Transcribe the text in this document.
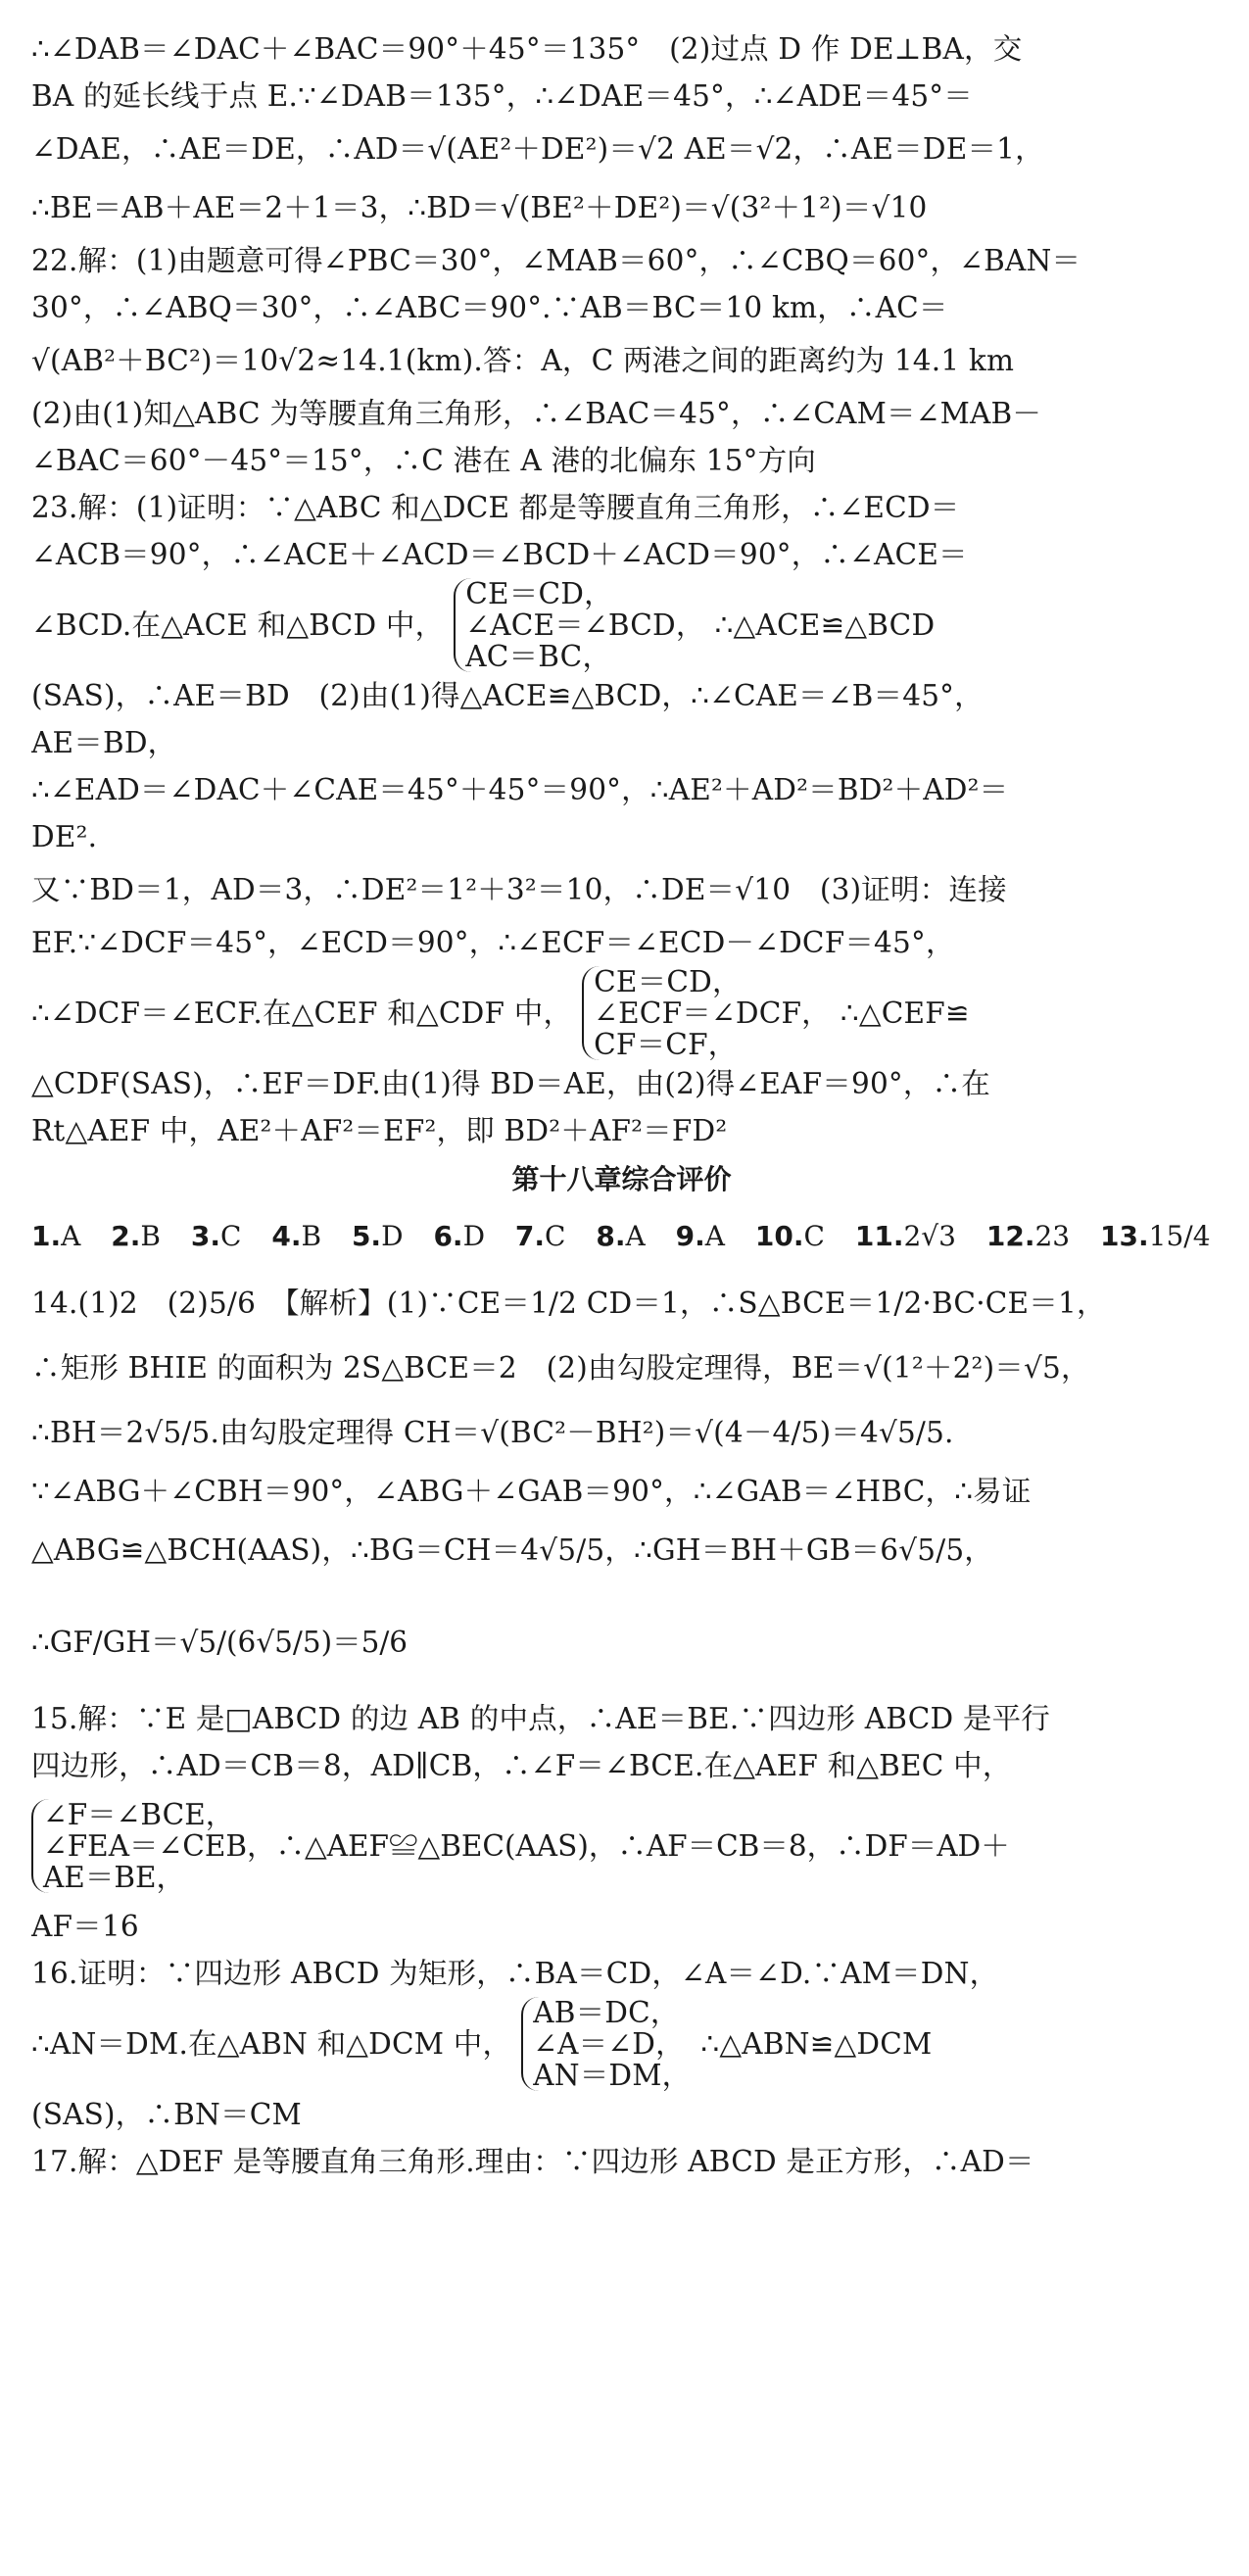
∴∠DAB＝∠DAC＋∠BAC＝90°＋45°＝135°　(2)过点 D 作 DE⊥BA，交
BA 的延长线于点 E.∵∠DAB＝135°，∴∠DAE＝45°，∴∠ADE＝45°＝
∠DAE，∴AE＝DE，∴AD＝√(AE²＋DE²)＝√2 AE＝√2，∴AE＝DE＝1，
∴BE＝AB＋AE＝2＋1＝3，∴BD＝√(BE²＋DE²)＝√(3²＋1²)＝√10
22.解：(1)由题意可得∠PBC＝30°，∠MAB＝60°，∴∠CBQ＝60°，∠BAN＝
30°，∴∠ABQ＝30°，∴∠ABC＝90°.∵AB＝BC＝10 km，∴AC＝
√(AB²＋BC²)＝10√2≈14.1(km).答：A，C 两港之间的距离约为 14.1 km
(2)由(1)知△ABC 为等腰直角三角形，∴∠BAC＝45°，∴∠CAM＝∠MAB－
∠BAC＝60°－45°＝15°，∴C 港在 A 港的北偏东 15°方向
23.解：(1)证明：∵△ABC 和△DCE 都是等腰直角三角形，∴∠ECD＝
∠ACB＝90°，∴∠ACE＋∠ACD＝∠BCD＋∠ACD＝90°，∴∠ACE＝
∠BCD.在△ACE 和△BCD 中，
CE＝CD，
∠ACE＝∠BCD，
AC＝BC，
∴△ACE≌△BCD
(SAS)，∴AE＝BD　(2)由(1)得△ACE≌△BCD，∴∠CAE＝∠B＝45°，
AE＝BD，
∴∠EAD＝∠DAC＋∠CAE＝45°＋45°＝90°，∴AE²＋AD²＝BD²＋AD²＝
DE².
又∵BD＝1，AD＝3，∴DE²＝1²＋3²＝10，∴DE＝√10　(3)证明：连接
EF.∵∠DCF＝45°，∠ECD＝90°，∴∠ECF＝∠ECD－∠DCF＝45°，
∴∠DCF＝∠ECF.在△CEF 和△CDF 中，
CE＝CD，
∠ECF＝∠DCF，
CF＝CF，
∴△CEF≌
△CDF(SAS)，∴EF＝DF.由(1)得 BD＝AE，由(2)得∠EAF＝90°，∴在
Rt△AEF 中，AE²＋AF²＝EF²，即 BD²＋AF²＝FD²
第十八章综合评价
1.A 2.B 3.C 4.B 5.D 6.D 7.C 8.A 9.A 10.C 11.2√3 12.23 13.15/4
14.(1)2　(2)5/6　【解析】(1)∵CE＝1/2 CD＝1，∴S△BCE＝1/2·BC·CE＝1，
∴矩形 BHIE 的面积为 2S△BCE＝2　(2)由勾股定理得，BE＝√(1²＋2²)＝√5，
∴BH＝2√5/5.由勾股定理得 CH＝√(BC²－BH²)＝√(4－4/5)＝4√5/5.
∵∠ABG＋∠CBH＝90°，∠ABG＋∠GAB＝90°，∴∠GAB＝∠HBC，∴易证
△ABG≌△BCH(AAS)，∴BG＝CH＝4√5/5，∴GH＝BH＋GB＝6√5/5，
∴GF/GH＝√5/(6√5/5)＝5/6
15.解：∵E 是□ABCD 的边 AB 的中点，∴AE＝BE.∵四边形 ABCD 是平行
四边形，∴AD＝CB＝8，AD∥CB，∴∠F＝∠BCE.在△AEF 和△BEC 中，
∠F＝∠BCE，
∠FEA＝∠CEB，∴△AEF≌△BEC(AAS)，∴AF＝CB＝8，∴DF＝AD＋
AE＝BE，
AF＝16
16.证明：∵四边形 ABCD 为矩形，∴BA＝CD，∠A＝∠D.∵AM＝DN，
∴AN＝DM.在△ABN 和△DCM 中，
AB＝DC，
∠A＝∠D，
AN＝DM，
∴△ABN≌△DCM
(SAS)，∴BN＝CM
17.解：△DEF 是等腰直角三角形.理由：∵四边形 ABCD 是正方形，∴AD＝
